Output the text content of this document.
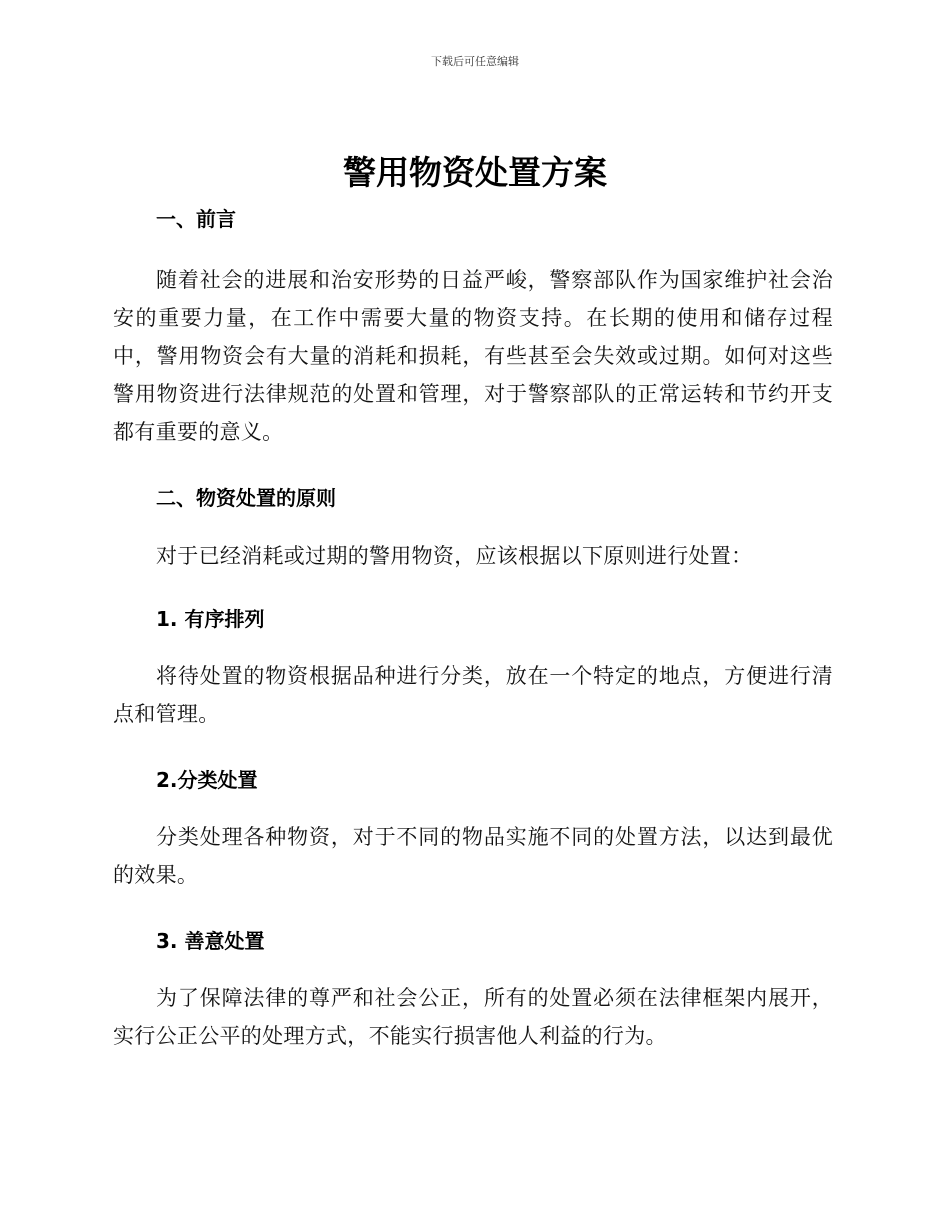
下载后可任意编辑
警用物资处置方案
一、前言

随着社会的进展和治安形势的日益严峻，警察部队作为国家维护社会治安的重要力量，在工作中需要大量的物资支持。在长期的使用和储存过程中，警用物资会有大量的消耗和损耗，有些甚至会失效或过期。如何对这些警用物资进行法律规范的处置和管理，对于警察部队的正常运转和节约开支都有重要的意义。

二、物资处置的原则

对于已经消耗或过期的警用物资，应该根据以下原则进行处置：

1. 有序排列

将待处置的物资根据品种进行分类，放在一个特定的地点，方便进行清点和管理。

2.分类处置

分类处理各种物资，对于不同的物品实施不同的处置方法，以达到最优的效果。

3. 善意处置

为了保障法律的尊严和社会公正，所有的处置必须在法律框架内展开，实行公正公平的处理方式，不能实行损害他人利益的行为。
